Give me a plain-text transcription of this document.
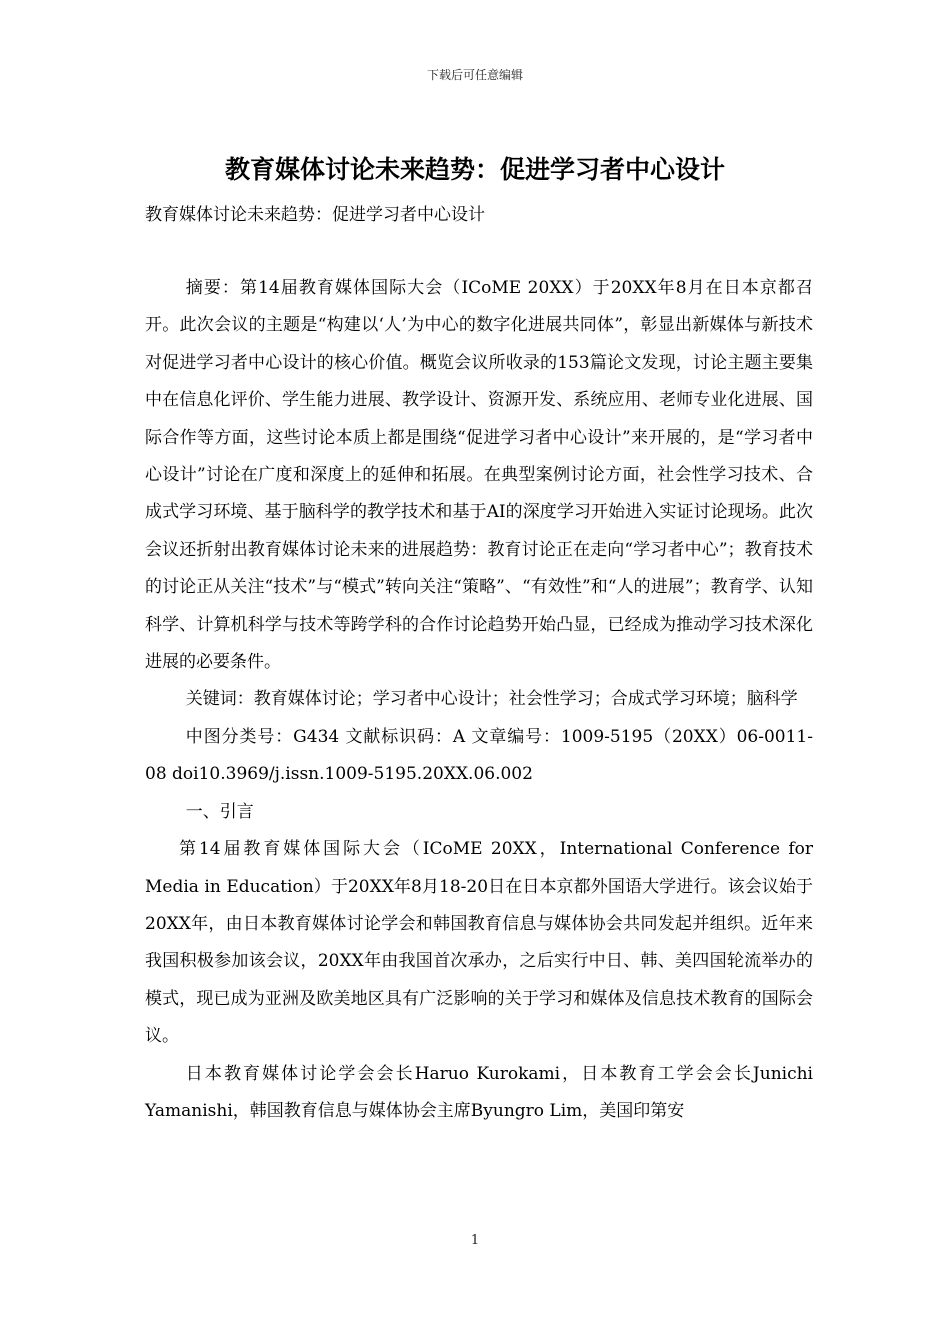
下载后可任意编辑
教育媒体讨论未来趋势：促进学习者中心设计
教育媒体讨论未来趋势：促进学习者中心设计

摘要：第14届教育媒体国际大会（ICoME 20XX）于20XX年8月在日本京都召开。此次会议的主题是“构建以‘人’为中心的数字化进展共同体”，彰显出新媒体与新技术对促进学习者中心设计的核心价值。概览会议所收录的153篇论文发现，讨论主题主要集中在信息化评价、学生能力进展、教学设计、资源开发、系统应用、老师专业化进展、国际合作等方面，这些讨论本质上都是围绕“促进学习者中心设计”来开展的，是“学习者中心设计”讨论在广度和深度上的延伸和拓展。在典型案例讨论方面，社会性学习技术、合成式学习环境、基于脑科学的教学技术和基于AI的深度学习开始进入实证讨论现场。此次会议还折射出教育媒体讨论未来的进展趋势：教育讨论正在走向“学习者中心”；教育技术的讨论正从关注“技术”与“模式”转向关注“策略”、“有效性”和“人的进展”；教育学、认知科学、计算机科学与技术等跨学科的合作讨论趋势开始凸显，已经成为推动学习技术深化进展的必要条件。

关键词：教育媒体讨论；学习者中心设计；社会性学习；合成式学习环境；脑科学

中图分类号：G434 文献标识码：A 文章编号：1009-5195（20XX）06-0011-08 doi10.3969/j.issn.1009-5195.20XX.06.002

一、引言

第14届教育媒体国际大会（ICoME 20XX，International Conference for Media in Education）于20XX年8月18-20日在日本京都外国语大学进行。该会议始于20XX年，由日本教育媒体讨论学会和韩国教育信息与媒体协会共同发起并组织。近年来我国积极参加该会议，20XX年由我国首次承办，之后实行中日、韩、美四国轮流举办的模式，现已成为亚洲及欧美地区具有广泛影响的关于学习和媒体及信息技术教育的国际会议。

日本教育媒体讨论学会会长Haruo Kurokami，日本教育工学会会长Junichi Yamanishi，韩国教育信息与媒体协会主席Byungro Lim，美国印第安

1
